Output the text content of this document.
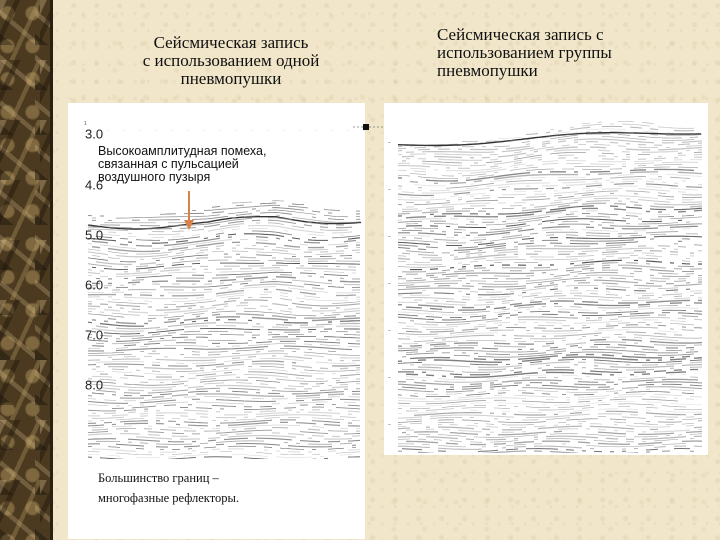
Сейсмическая запись
с использованием одной
пневмопушки
Сейсмическая запись с
использованием группы
пневмопушки
1
·	·	·	·	·	·	·	·	·	·	·	·	·	·	·	·	·
3.0
4.6
5.0
6.0
7.0
8.0
Высокоамплитудная помеха,
связанная с пульсацией
воздушного пузыря
Большинство границ –
многофазные рефлекторы.
–
–
–
–
–
–
–
